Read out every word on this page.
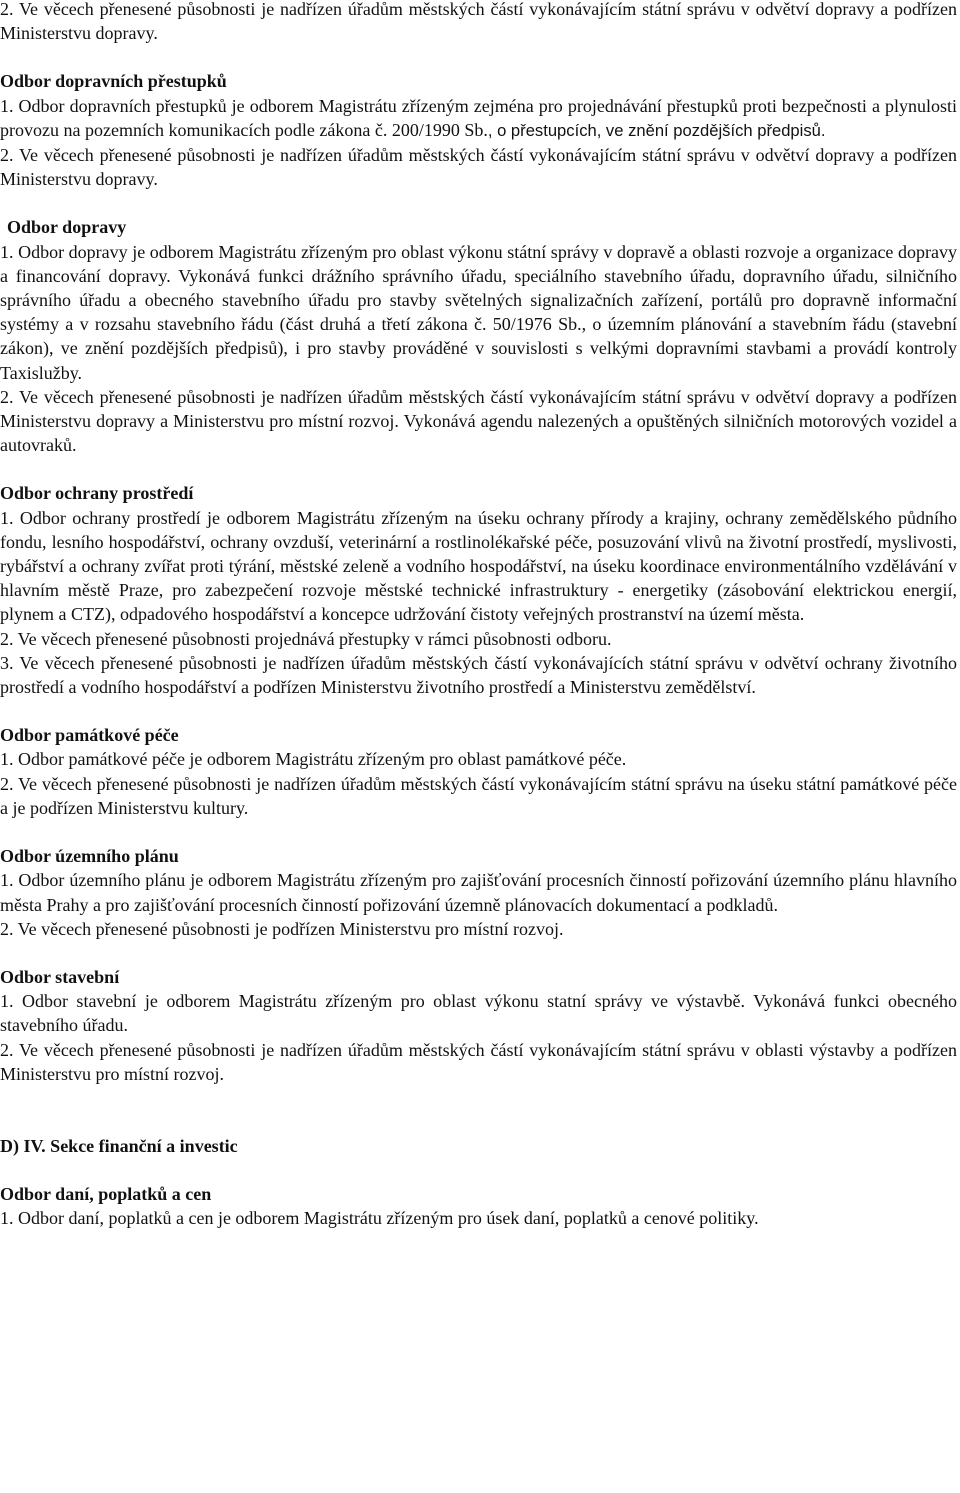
2. Ve věcech přenesené působnosti je nadřízen úřadům městských částí vykonávajícím státní správu v odvětví dopravy a podřízen Ministerstvu dopravy.

Odbor dopravních přestupků

1. Odbor dopravních přestupků je odborem Magistrátu zřízeným zejména pro projednávání přestupků proti bezpečnosti a plynulosti provozu na pozemních komunikacích podle zákona č. 200/1990 Sb., o přestupcích, ve znění pozdějších předpisů.

2. Ve věcech přenesené působnosti je nadřízen úřadům městských částí vykonávajícím státní správu v odvětví dopravy a podřízen Ministerstvu dopravy.

Odbor dopravy

1. Odbor dopravy je odborem Magistrátu zřízeným pro oblast výkonu státní správy v dopravě a oblasti rozvoje a organizace dopravy a financování dopravy. Vykonává funkci drážního správního úřadu, speciálního stavebního úřadu, dopravního úřadu, silničního správního úřadu a obecného stavebního úřadu pro stavby světelných signalizačních zařízení, portálů pro dopravně informační systémy a v rozsahu stavebního řádu (část druhá a třetí zákona č. 50/1976 Sb., o územním plánování a stavebním řádu (stavební zákon), ve znění pozdějších předpisů), i pro stavby prováděné v souvislosti s velkými dopravními stavbami a provádí kontroly Taxislužby.

2. Ve věcech přenesené působnosti je nadřízen úřadům městských částí vykonávajícím státní správu v odvětví dopravy a podřízen Ministerstvu dopravy a Ministerstvu pro místní rozvoj. Vykonává agendu nalezených a opuštěných silničních motorových vozidel a autovraků.

Odbor ochrany prostředí

1. Odbor ochrany prostředí je odborem Magistrátu zřízeným na úseku ochrany přírody a krajiny, ochrany zemědělského půdního fondu, lesního hospodářství, ochrany ovzduší, veterinární a rostlinolékařské péče, posuzování vlivů na životní prostředí, myslivosti, rybářství a ochrany zvířat proti týrání, městské zeleně a vodního hospodářství, na úseku koordinace environmentálního vzdělávání v hlavním městě Praze, pro zabezpečení rozvoje městské technické infrastruktury - energetiky (zásobování elektrickou energií, plynem a CTZ), odpadového hospodářství a koncepce udržování čistoty veřejných prostranství na území města.

2. Ve věcech přenesené působnosti projednává přestupky v rámci působnosti odboru.

3. Ve věcech přenesené působnosti je nadřízen úřadům městských částí vykonávajících státní správu v odvětví ochrany životního prostředí a vodního hospodářství a podřízen Ministerstvu životního prostředí a Ministerstvu zemědělství.

Odbor památkové péče

1. Odbor památkové péče je odborem Magistrátu zřízeným pro oblast památkové péče.

2. Ve věcech přenesené působnosti je nadřízen úřadům městských částí vykonávajícím státní správu na úseku státní památkové péče a je podřízen Ministerstvu kultury.

Odbor územního plánu

1. Odbor územního plánu je odborem Magistrátu zřízeným pro zajišťování procesních činností pořizování územního plánu hlavního města Prahy a pro zajišťování procesních činností pořizování územně plánovacích dokumentací a podkladů.

2. Ve věcech přenesené působnosti je podřízen Ministerstvu pro místní rozvoj.

Odbor stavební

1. Odbor stavební je odborem Magistrátu zřízeným pro oblast výkonu statní správy ve výstavbě. Vykonává funkci obecného stavebního úřadu.

2. Ve věcech přenesené působnosti je nadřízen úřadům městských částí vykonávajícím státní správu v oblasti výstavby a podřízen Ministerstvu pro místní rozvoj.

D) IV. Sekce finanční a investic

Odbor daní, poplatků a cen

1. Odbor daní, poplatků a cen je odborem Magistrátu zřízeným pro úsek daní, poplatků a cenové politiky.
